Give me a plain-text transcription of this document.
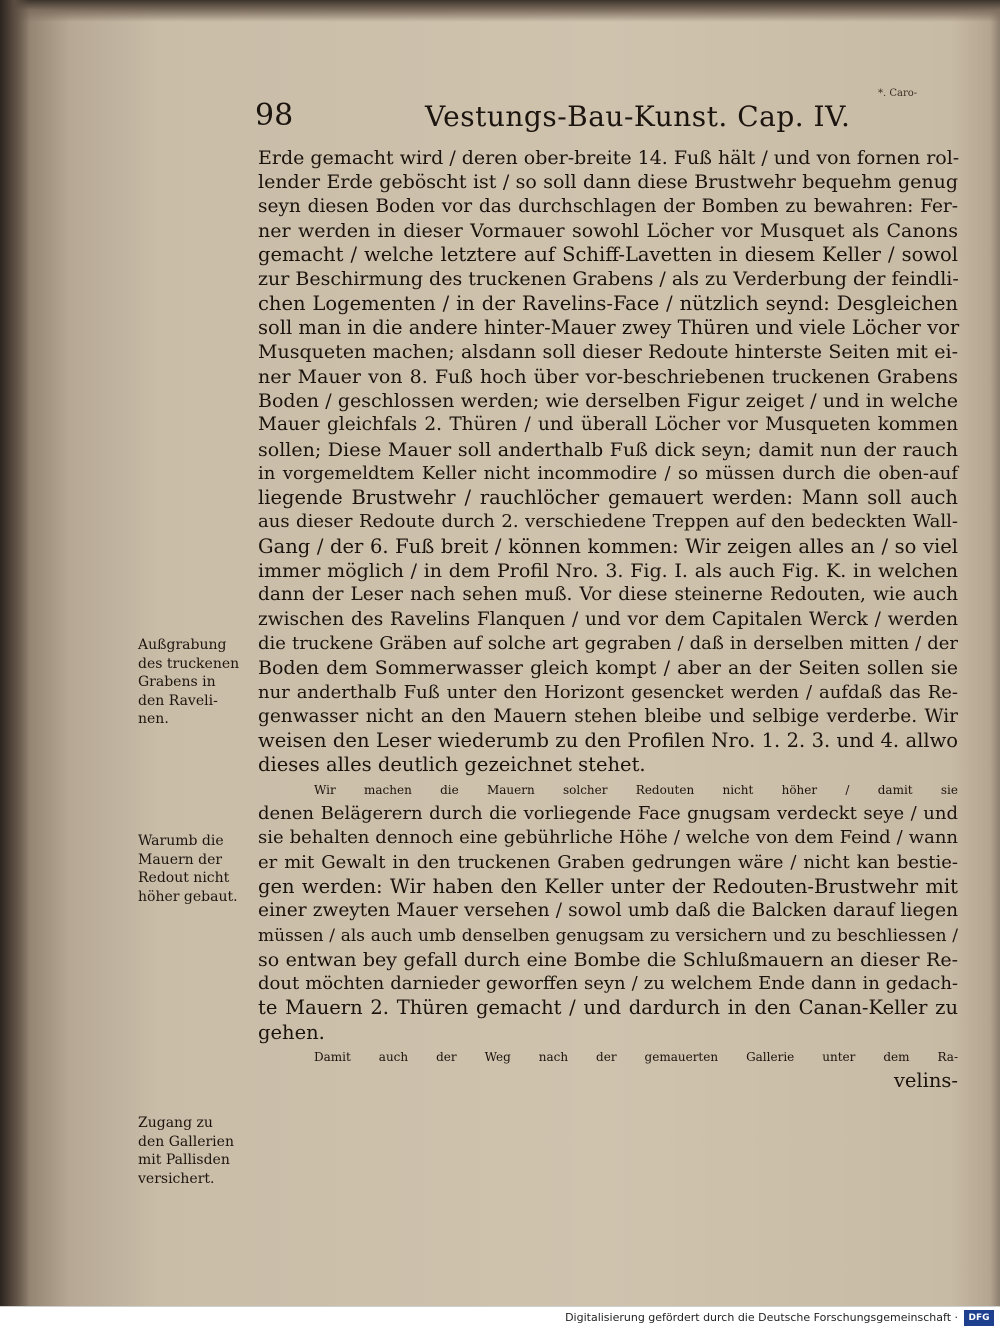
*. Caro-
98	Vestungs-Bau-Kunst. Cap. IV.
Erde gemacht wird / deren ober-breite 14. Fuß hält / und von fornen rol-
lender Erde geböscht ist / so soll dann diese Brustwehr bequehm genug
seyn diesen Boden vor das durchschlagen der Bomben zu bewahren: Fer-
ner werden in dieser Vormauer sowohl Löcher vor Musquet als Canons
gemacht / welche letztere auf Schiff-Lavetten in diesem Keller / sowol
zur Beschirmung des truckenen Grabens / als zu Verderbung der feindli-
chen Logementen / in der Ravelins-Face / nützlich seynd: Desgleichen
soll man in die andere hinter-Mauer zwey Thüren und viele Löcher vor
Musqueten machen; alsdann soll dieser Redoute hinterste Seiten mit ei-
ner Mauer von 8. Fuß hoch über vor-beschriebenen truckenen Grabens
Boden / geschlossen werden; wie derselben Figur zeiget / und in welche
Mauer gleichfals 2. Thüren / und überall Löcher vor Musqueten kommen
sollen; Diese Mauer soll anderthalb Fuß dick seyn; damit nun der rauch
in vorgemeldtem Keller nicht incommodire / so müssen durch die oben-auf
liegende Brustwehr / rauchlöcher gemauert werden: Mann soll auch
aus dieser Redoute durch 2. verschiedene Treppen auf den bedeckten Wall-
Gang / der 6. Fuß breit / können kommen: Wir zeigen alles an / so viel
immer möglich / in dem Profil Nro. 3. Fig. I. als auch Fig. K. in welchen
dann der Leser nach sehen muß. Vor diese steinerne Redouten, wie auch
zwischen des Ravelins Flanquen / und vor dem Capitalen Werck / werden
die truckene Gräben auf solche art gegraben / daß in derselben mitten / der
Boden dem Sommerwasser gleich kompt / aber an der Seiten sollen sie
nur anderthalb Fuß unter den Horizont gesencket werden / aufdaß das Re-
genwasser nicht an den Mauern stehen bleibe und selbige verderbe. Wir
weisen den Leser wiederumb zu den Profilen Nro. 1. 2. 3. und 4. allwo
dieses alles deutlich gezeichnet stehet.
Wir machen die Mauern solcher Redouten nicht höher / damit sie
denen Belägerern durch die vorliegende Face gnugsam verdeckt seye / und
sie behalten dennoch eine gebührliche Höhe / welche von dem Feind / wann
er mit Gewalt in den truckenen Graben gedrungen wäre / nicht kan bestie-
gen werden: Wir haben den Keller unter der Redouten-Brustwehr mit
einer zweyten Mauer versehen / sowol umb daß die Balcken darauf liegen
müssen / als auch umb denselben genugsam zu versichern und zu beschliessen /
so entwan bey gefall durch eine Bombe die Schlußmauern an dieser Re-
dout möchten darnieder geworffen seyn / zu welchem Ende dann in gedach-
te Mauern 2. Thüren gemacht / und dardurch in den Canan-Keller zu
gehen.
Damit auch der Weg nach der gemauerten Gallerie unter dem Ra-
velins-
Außgrabung
des truckenen
Grabens in
den Raveli-
nen.
Warumb die
Mauern der
Redout nicht
höher gebaut.
Zugang zu
den Gallerien
mit Pallisden
versichert.
Digitalisierung gefördert durch die Deutsche Forschungsgemeinschaft ·	DFG
